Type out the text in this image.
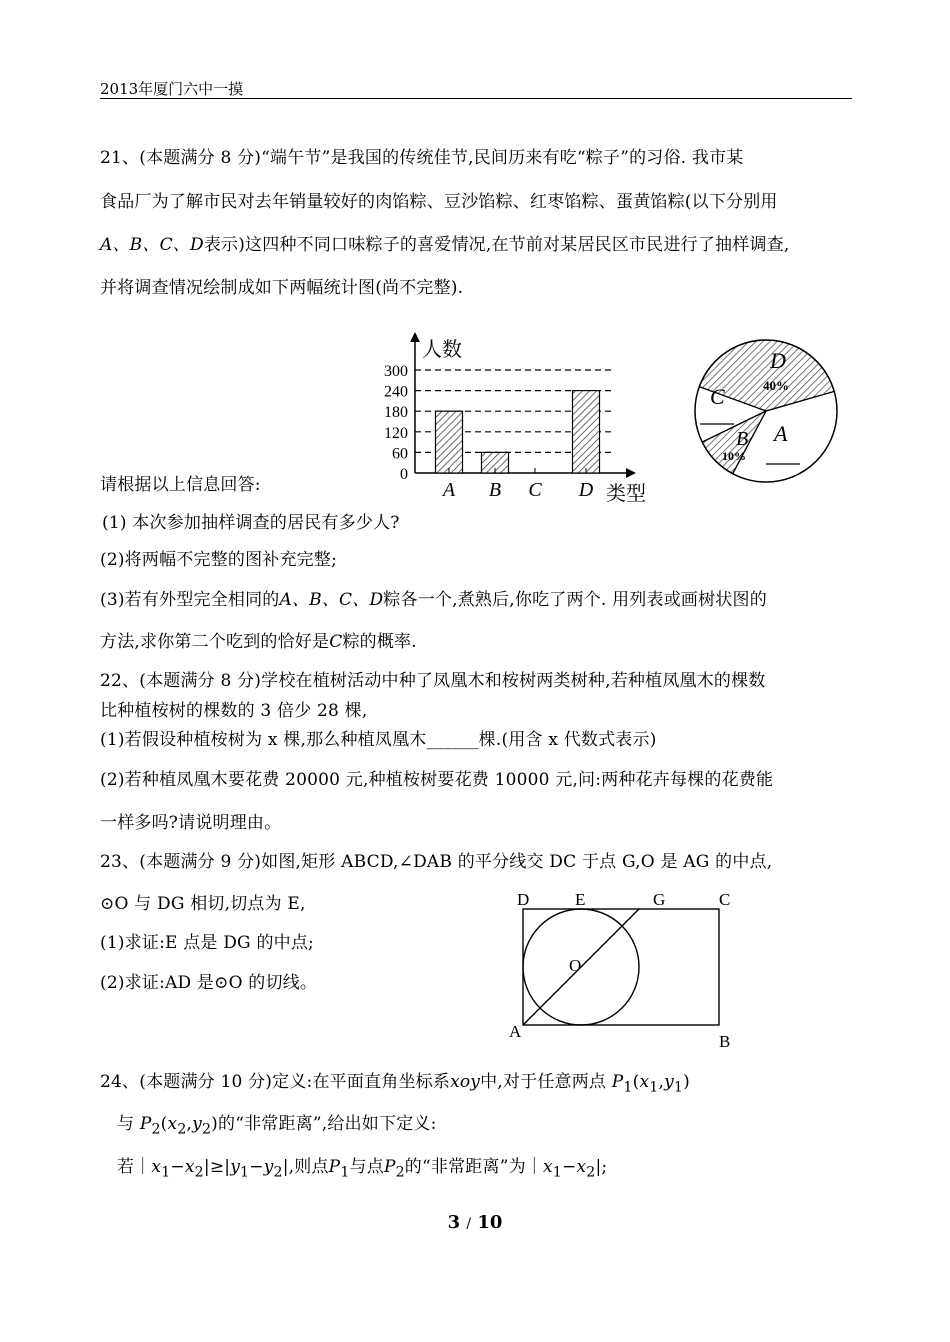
2013年厦门六中一摸
21、(本题满分 8 分)“端午节”是我国的传统佳节,民间历来有吃“粽子”的习俗. 我市某
食品厂为了解市民对去年销量较好的肉馅粽、豆沙馅粽、红枣馅粽、蛋黄馅粽(以下分别用
A、B、C、D表示)这四种不同口味粽子的喜爱情况,在节前对某居民区市民进行了抽样调查,
并将调查情况绘制成如下两幅统计图(尚不完整).
人数
类型
0
60
120
180
240
300
A B C D
D
40%
C
B
10%
A
请根据以上信息回答:
(1) 本次参加抽样调查的居民有多少人?
(2)将两幅不完整的图补充完整;
(3)若有外型完全相同的A、B、C、D粽各一个,煮熟后,你吃了两个. 用列表或画树状图的
方法,求你第二个吃到的恰好是C粽的概率.
22、(本题满分 8 分)学校在植树活动中种了凤凰木和桉树两类树种,若种植凤凰木的棵数
比种植桉树的棵数的 3 倍少 28 棵,
(1)若假设种植桉树为 x 棵,那么种植凤凰木______棵.(用含 x 代数式表示)
(2)若种植凤凰木要花费 20000 元,种植桉树要花费 10000 元,问:两种花卉每棵的花费能
一样多吗?请说明理由。
23、(本题满分 9 分)如图,矩形 ABCD,∠DAB 的平分线交 DC 于点 G,O 是 AG 的中点,
⊙O 与 DG 相切,切点为 E,
(1)求证:E 点是 DG 的中点;
(2)求证:AD 是⊙O 的切线。
D	E	G	C
O
A
B
24、(本题满分 10 分)定义:在平面直角坐标系xoy中,对于任意两点 $P_1(x_1,y_1)$
与 $P_2(x_2,y_2)$的“非常距离”,给出如下定义:
若$|x_1-x_2|\ge|y_1-y_2|$,则点$P_1$与点$P_2$的“非常距离”为$|x_1-x_2|$;
3 / 10
